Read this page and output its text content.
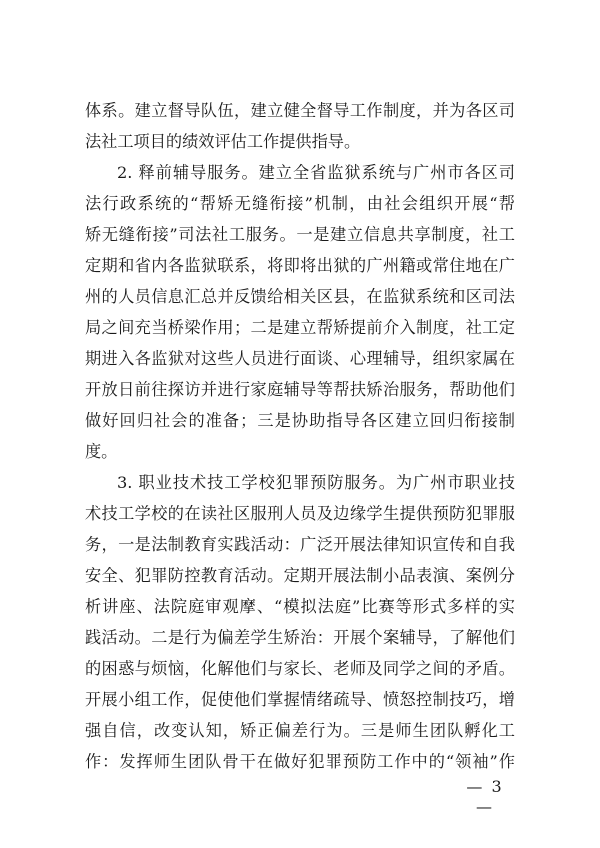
体系。建立督导队伍，建立健全督导工作制度，并为各区司
法社工项目的绩效评估工作提供指导。
2. 释前辅导服务。建立全省监狱系统与广州市各区司
法行政系统的“帮矫无缝衔接”机制，由社会组织开展“帮
矫无缝衔接”司法社工服务。一是建立信息共享制度，社工
定期和省内各监狱联系，将即将出狱的广州籍或常住地在广
州的人员信息汇总并反馈给相关区县，在监狱系统和区司法
局之间充当桥梁作用；二是建立帮矫提前介入制度，社工定
期进入各监狱对这些人员进行面谈、心理辅导，组织家属在
开放日前往探访并进行家庭辅导等帮扶矫治服务，帮助他们
做好回归社会的准备；三是协助指导各区建立回归衔接制
度。
3. 职业技术技工学校犯罪预防服务。为广州市职业技
术技工学校的在读社区服刑人员及边缘学生提供预防犯罪服
务，一是法制教育实践活动：广泛开展法律知识宣传和自我
安全、犯罪防控教育活动。定期开展法制小品表演、案例分
析讲座、法院庭审观摩、“模拟法庭”比赛等形式多样的实
践活动。二是行为偏差学生矫治：开展个案辅导，了解他们
的困惑与烦恼，化解他们与家长、老师及同学之间的矛盾。
开展小组工作，促使他们掌握情绪疏导、愤怒控制技巧，增
强自信，改变认知，矫正偏差行为。三是师生团队孵化工
作：发挥师生团队骨干在做好犯罪预防工作中的“领袖”作
— 3 —
